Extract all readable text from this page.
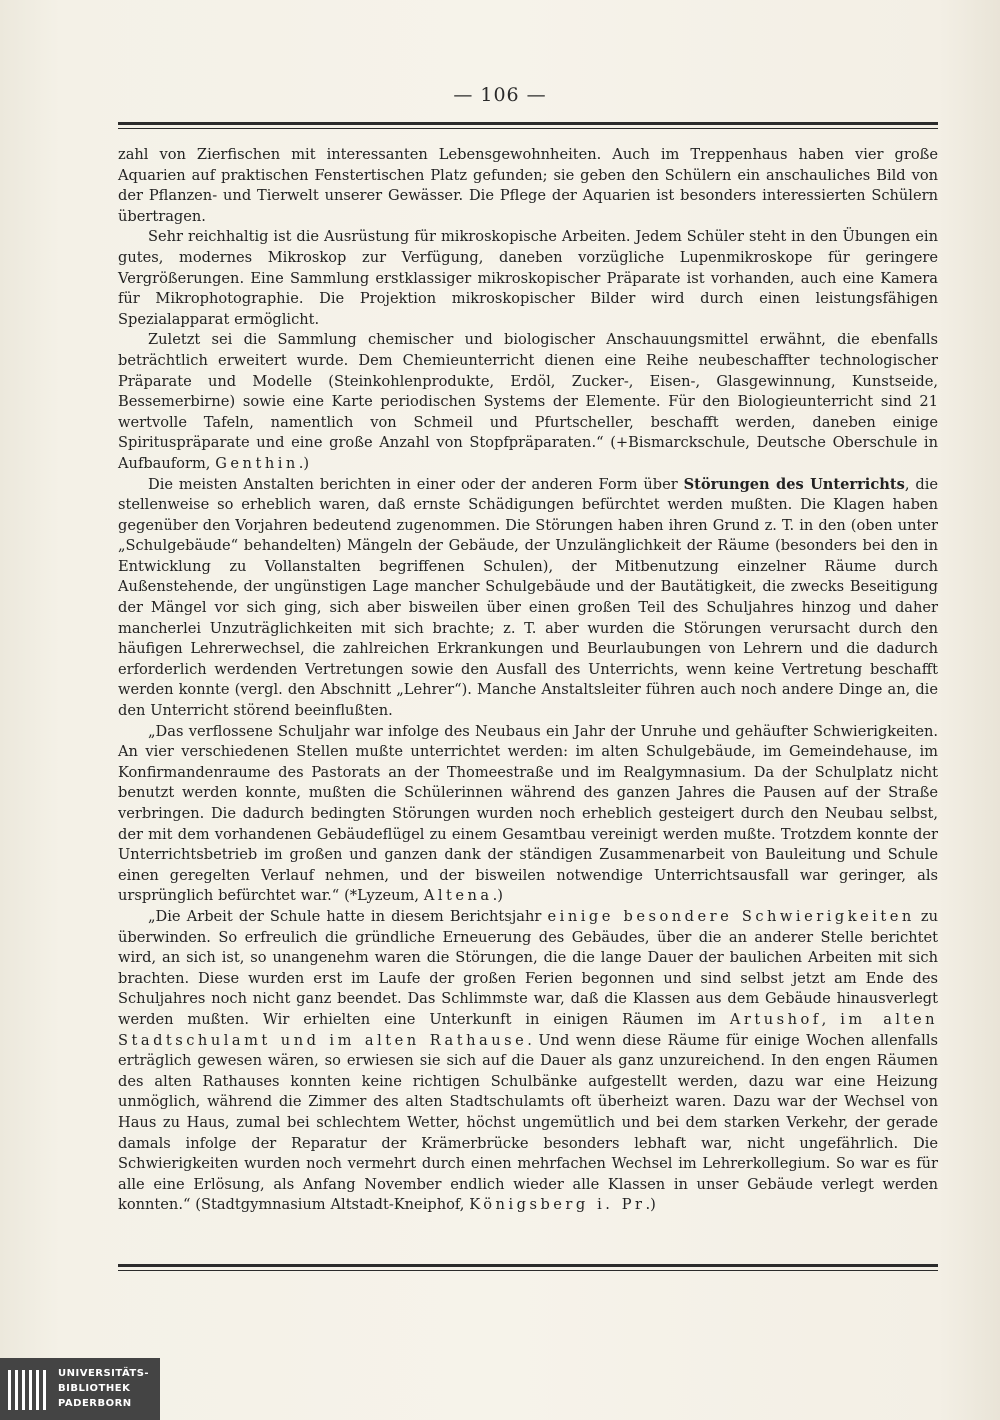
— 106 —

zahl von Zierfischen mit interessanten Lebensgewohnheiten. Auch im Treppenhaus haben vier große Aquarien auf praktischen Fenstertischen Platz gefunden; sie geben den Schülern ein anschauliches Bild von der Pflanzen- und Tierwelt unserer Gewässer. Die Pflege der Aquarien ist besonders interessierten Schülern übertragen.

Sehr reichhaltig ist die Ausrüstung für mikroskopische Arbeiten. Jedem Schüler steht in den Übungen ein gutes, modernes Mikroskop zur Verfügung, daneben vorzügliche Lupenmikroskope für geringere Vergrößerungen. Eine Sammlung erstklassiger mikroskopischer Präparate ist vorhanden, auch eine Kamera für Mikrophotographie. Die Projektion mikroskopischer Bilder wird durch einen leistungsfähigen Spezialapparat ermöglicht.

Zuletzt sei die Sammlung chemischer und biologischer Anschauungsmittel erwähnt, die ebenfalls beträchtlich erweitert wurde. Dem Chemieunterricht dienen eine Reihe neubeschaffter technologischer Präparate und Modelle (Steinkohlenprodukte, Erdöl, Zucker-, Eisen-, Glasgewinnung, Kunstseide, Bessemerbirne) sowie eine Karte periodischen Systems der Elemente. Für den Biologieunterricht sind 21 wertvolle Tafeln, namentlich von Schmeil und Pfurtscheller, beschafft werden, daneben einige Spirituspräparate und eine große Anzahl von Stopfpräparaten.“ (+Bismarckschule, Deutsche Oberschule in Aufbauform, Genthin.)

Die meisten Anstalten berichten in einer oder der anderen Form über Störungen des Unterrichts, die stellenweise so erheblich waren, daß ernste Schädigungen befürchtet werden mußten. Die Klagen haben gegenüber den Vorjahren bedeutend zugenommen. Die Störungen haben ihren Grund z. T. in den (oben unter „Schulgebäude“ behandelten) Mängeln der Gebäude, der Unzulänglichkeit der Räume (besonders bei den in Entwicklung zu Vollanstalten begriffenen Schulen), der Mitbenutzung einzelner Räume durch Außenstehende, der ungünstigen Lage mancher Schulgebäude und der Bautätigkeit, die zwecks Beseitigung der Mängel vor sich ging, sich aber bisweilen über einen großen Teil des Schuljahres hinzog und daher mancherlei Unzuträglichkeiten mit sich brachte; z. T. aber wurden die Störungen verursacht durch den häufigen Lehrerwechsel, die zahlreichen Erkrankungen und Beurlaubungen von Lehrern und die dadurch erforderlich werdenden Vertretungen sowie den Ausfall des Unterrichts, wenn keine Vertretung beschafft werden konnte (vergl. den Abschnitt „Lehrer“). Manche Anstaltsleiter führen auch noch andere Dinge an, die den Unterricht störend beeinflußten.

„Das verflossene Schuljahr war infolge des Neubaus ein Jahr der Unruhe und gehäufter Schwierigkeiten. An vier verschiedenen Stellen mußte unterrichtet werden: im alten Schulgebäude, im Gemeindehause, im Konfirmandenraume des Pastorats an der Thomeestraße und im Realgymnasium. Da der Schulplatz nicht benutzt werden konnte, mußten die Schülerinnen während des ganzen Jahres die Pausen auf der Straße verbringen. Die dadurch bedingten Störungen wurden noch erheblich gesteigert durch den Neubau selbst, der mit dem vorhandenen Gebäudeflügel zu einem Gesamtbau vereinigt werden mußte. Trotzdem konnte der Unterrichtsbetrieb im großen und ganzen dank der ständigen Zusammenarbeit von Bauleitung und Schule einen geregelten Verlauf nehmen, und der bisweilen notwendige Unterrichtsausfall war geringer, als ursprünglich befürchtet war.“ (*Lyzeum, Altena.)

„Die Arbeit der Schule hatte in diesem Berichtsjahr einige besondere Schwierigkeiten zu überwinden. So erfreulich die gründliche Erneuerung des Gebäudes, über die an anderer Stelle berichtet wird, an sich ist, so unangenehm waren die Störungen, die die lange Dauer der baulichen Arbeiten mit sich brachten. Diese wurden erst im Laufe der großen Ferien begonnen und sind selbst jetzt am Ende des Schuljahres noch nicht ganz beendet. Das Schlimmste war, daß die Klassen aus dem Gebäude hinausverlegt werden mußten. Wir erhielten eine Unterkunft in einigen Räumen im Artushof, im alten Stadtschulamt und im alten Rathause. Und wenn diese Räume für einige Wochen allenfalls erträglich gewesen wären, so erwiesen sie sich auf die Dauer als ganz unzureichend. In den engen Räumen des alten Rathauses konnten keine richtigen Schulbänke aufgestellt werden, dazu war eine Heizung unmöglich, während die Zimmer des alten Stadtschulamts oft überheizt waren. Dazu war der Wechsel von Haus zu Haus, zumal bei schlechtem Wetter, höchst ungemütlich und bei dem starken Verkehr, der gerade damals infolge der Reparatur der Krämerbrücke besonders lebhaft war, nicht ungefährlich. Die Schwierigkeiten wurden noch vermehrt durch einen mehrfachen Wechsel im Lehrerkollegium. So war es für alle eine Erlösung, als Anfang November endlich wieder alle Klassen in unser Gebäude verlegt werden konnten.“ (Stadtgymnasium Altstadt-Kneiphof, Königsberg i. Pr.)

UNIVERSITÄTS-
BIBLIOTHEK
PADERBORN
